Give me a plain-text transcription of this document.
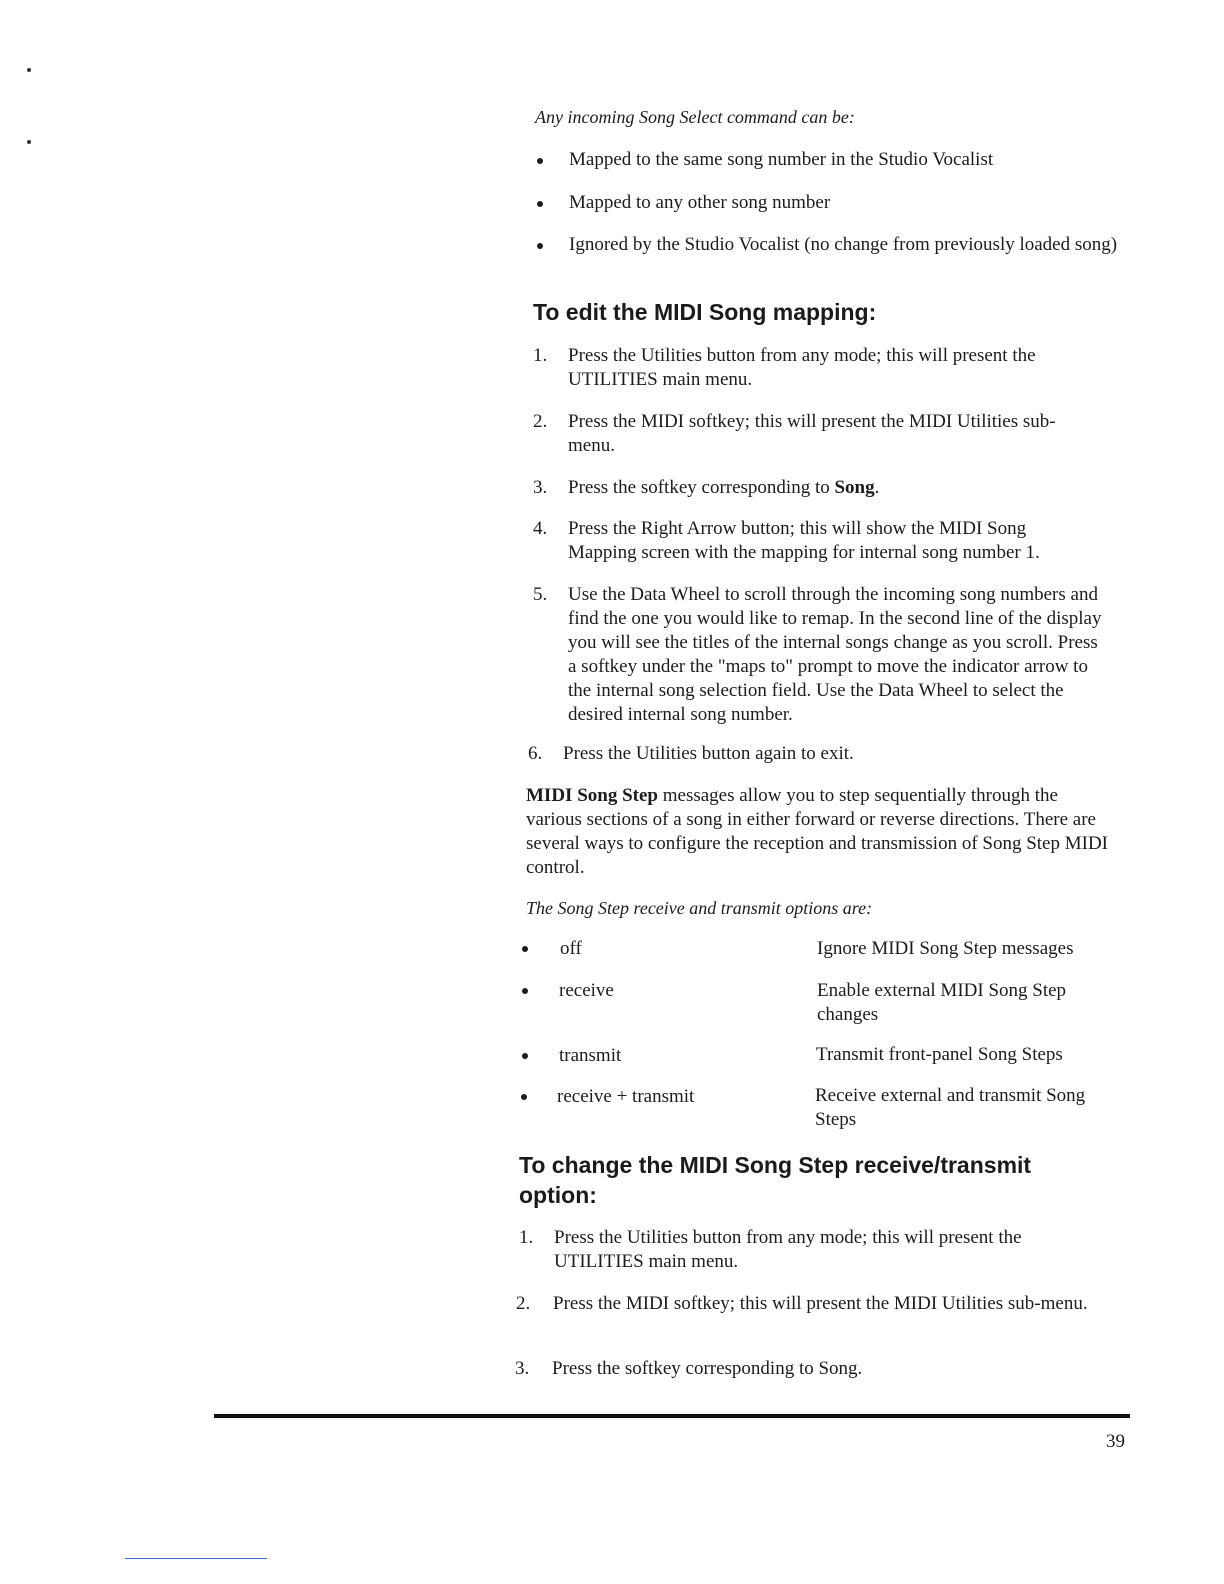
Any incoming Song Select command can be:
Mapped to the same song number in the Studio Vocalist
Mapped to any other song number
Ignored by the Studio Vocalist (no change from previously loaded song)
To edit the MIDI Song mapping:
1. Press the Utilities button from any mode; this will present the UTILITIES main menu.
2. Press the MIDI softkey; this will present the MIDI Utilities sub-menu.
3. Press the softkey corresponding to Song.
4. Press the Right Arrow button; this will show the MIDI Song Mapping screen with the mapping for internal song number 1.
5. Use the Data Wheel to scroll through the incoming song numbers and find the one you would like to remap. In the second line of the display you will see the titles of the internal songs change as you scroll. Press a softkey under the "maps to" prompt to move the indicator arrow to the internal song selection field. Use the Data Wheel to select the desired internal song number.
6. Press the Utilities button again to exit.
MIDI Song Step messages allow you to step sequentially through the various sections of a song in either forward or reverse directions. There are several ways to configure the reception and transmission of Song Step MIDI control.
The Song Step receive and transmit options are:
off	Ignore MIDI Song Step messages
receive	Enable external MIDI Song Step changes
transmit	Transmit front-panel Song Steps
receive + transmit	Receive external and transmit Song Steps
To change the MIDI Song Step receive/transmit option:
1. Press the Utilities button from any mode; this will present the UTILITIES main menu.
2. Press the MIDI softkey; this will present the MIDI Utilities sub-menu.
3. Press the softkey corresponding to Song.
39
